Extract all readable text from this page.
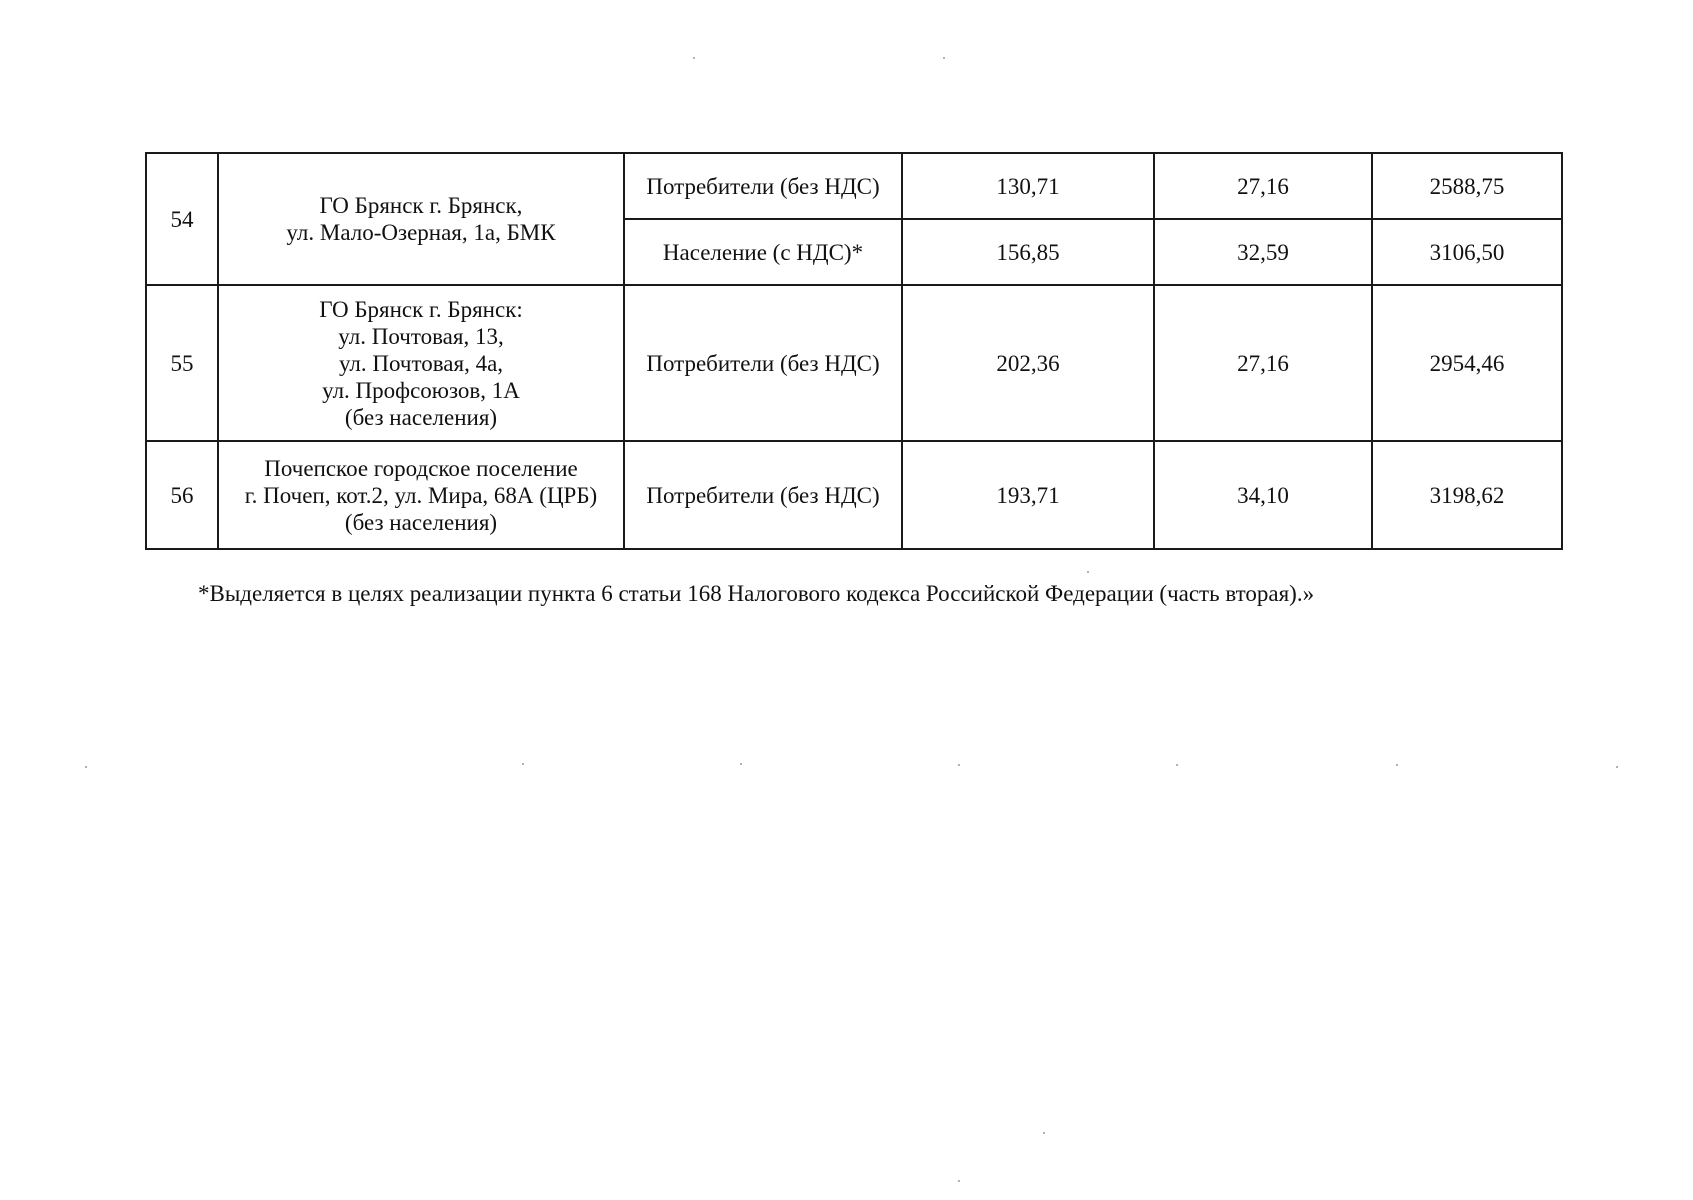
54	ГО Брянск г. Брянск,
ул. Мало-Озерная, 1а, БМК	Потребители (без НДС)	130,71	27,16	2588,75
		Население (с НДС)*	156,85	32,59	3106,50
55	ГО Брянск г. Брянск:
ул. Почтовая, 13,
ул. Почтовая, 4а,
ул. Профсоюзов, 1А
(без населения)	Потребители (без НДС)	202,36	27,16	2954,46
56	Почепское городское поселение
г. Почеп, кот.2, ул. Мира, 68А (ЦРБ)
(без населения)	Потребители (без НДС)	193,71	34,10	3198,62
*Выделяется в целях реализации пункта 6 статьи 168 Налогового кодекса Российской Федерации (часть вторая).»
